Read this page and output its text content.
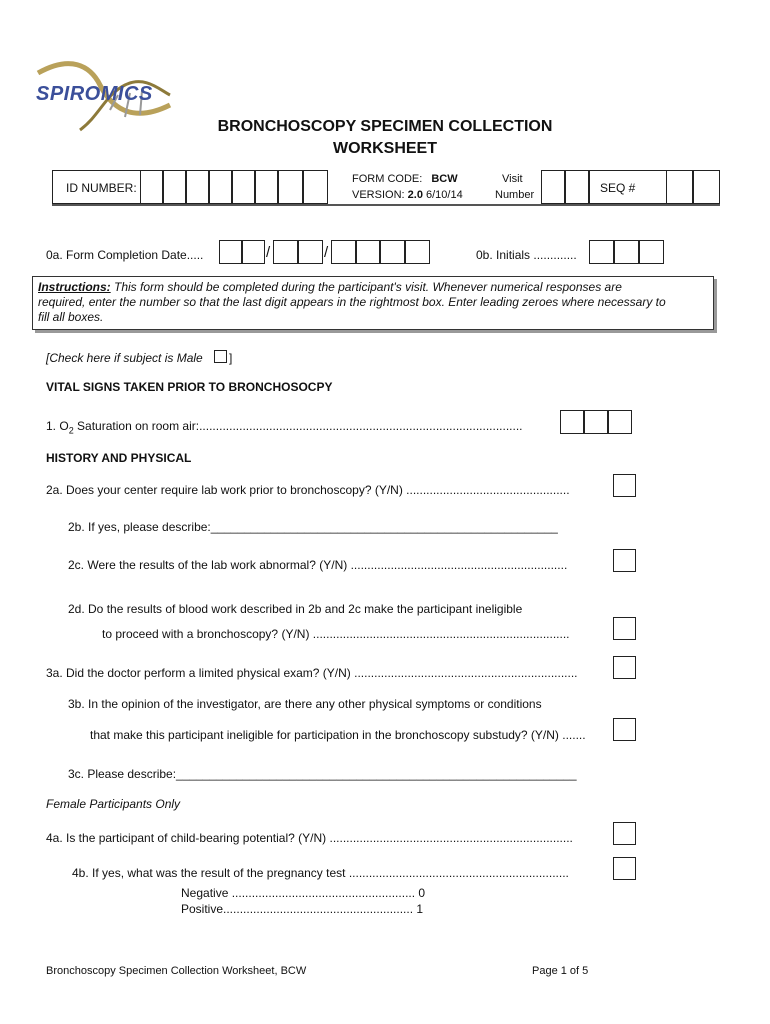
SPIROMICS
BRONCHOSCOPY SPECIMEN COLLECTION
WORKSHEET
ID NUMBER:
FORM CODE: BCW
VERSION: 2.0 6/10/14
Visit
Number	SEQ #
0a. Form Completion Date.....	/	/	0b. Initials .............
Instructions: This form should be completed during the participant's visit. Whenever numerical responses are
required, enter the number so that the last digit appears in the rightmost box. Enter leading zeroes where necessary to
fill all boxes.
[Check here if subject is Male ]
VITAL SIGNS TAKEN PRIOR TO BRONCHOSOCPY
1. $O_2$ Saturation on room air:.................................................................................................
HISTORY AND PHYSICAL
2a. Does your center require lab work prior to bronchoscopy? (Y/N) .................................................
2b. If yes, please describe:____________________________________________________
2c. Were the results of the lab work abnormal? (Y/N) .................................................................
2d. Do the results of blood work described in 2b and 2c make the participant ineligible
to proceed with a bronchoscopy? (Y/N) .............................................................................
3a. Did the doctor perform a limited physical exam? (Y/N) ...................................................................
3b. In the opinion of the investigator, are there any other physical symptoms or conditions
that make this participant ineligible for participation in the bronchoscopy substudy? (Y/N) .......
3c. Please describe:____________________________________________________________
Female Participants Only
4a. Is the participant of child-bearing potential? (Y/N) .........................................................................
4b. If yes, what was the result of the pregnancy test ..................................................................
Negative ....................................................... 0
Positive......................................................... 1
Bronchoscopy Specimen Collection Worksheet, BCW	Page 1 of 5
